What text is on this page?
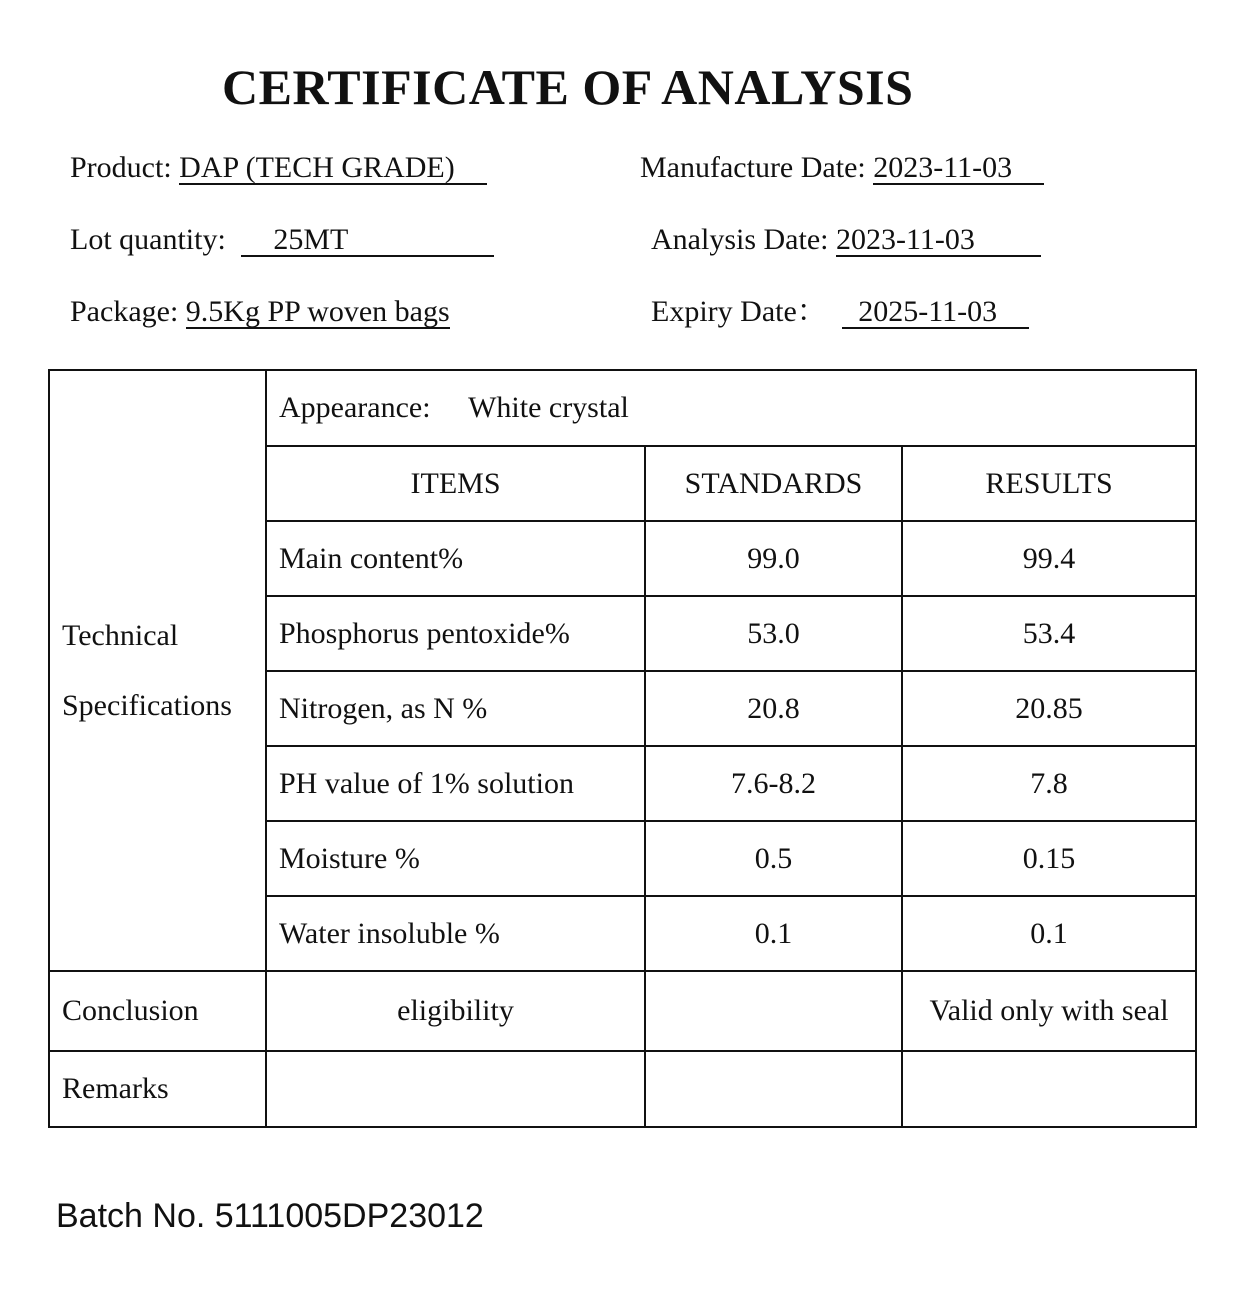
CERTIFICATE OF ANALYSIS
Product: DAP (TECH GRADE)	Manufacture Date: 2023-11-03
Lot quantity: 25MT	Analysis Date: 2023-11-03
Package: 9.5Kg PP woven bags	Expiry Date： 2025-11-03
Technical
Specifications	Appearance: White crystal		
	ITEMS	STANDARDS	RESULTS
	Main content%	99.0	99.4
	Phosphorus pentoxide%	53.0	53.4
	Nitrogen, as N %	20.8	20.85
	PH value of 1% solution	7.6-8.2	7.8
	Moisture %	0.5	0.15
	Water insoluble %	0.1	0.1
Conclusion	eligibility		Valid only with seal
Remarks			
Batch No. 5111005DP23012
